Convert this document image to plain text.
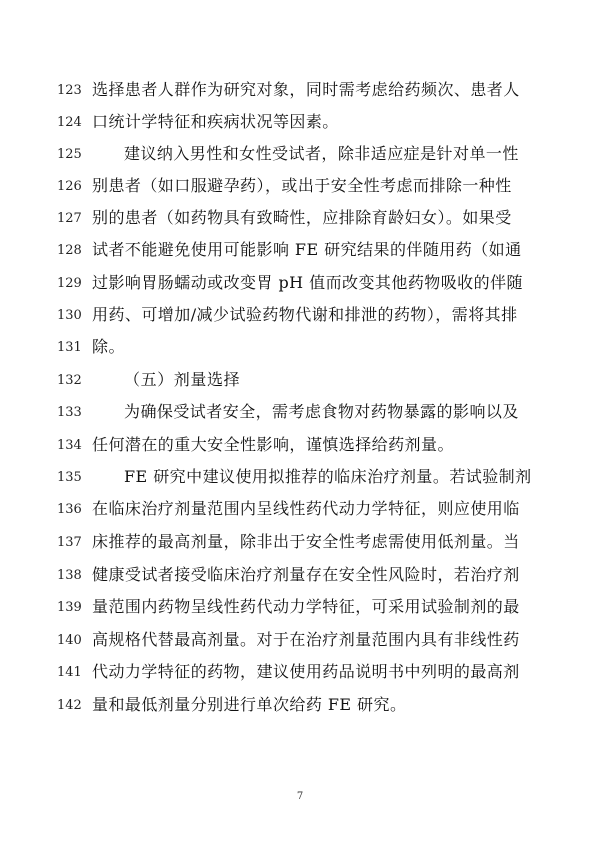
123 选择患者人群作为研究对象，同时需考虑给药频次、患者人
124 口统计学特征和疾病状况等因素。
125	建议纳入男性和女性受试者，除非适应症是针对单一性
126 别患者（如口服避孕药），或出于安全性考虑而排除一种性
127 别的患者（如药物具有致畸性，应排除育龄妇女）。如果受
128 试者不能避免使用可能影响 FE 研究结果的伴随用药（如通
129 过影响胃肠蠕动或改变胃 pH 值而改变其他药物吸收的伴随
130 用药、可增加/减少试验药物代谢和排泄的药物），需将其排
131 除。
132	（五）剂量选择
133	为确保受试者安全，需考虑食物对药物暴露的影响以及
134 任何潜在的重大安全性影响，谨慎选择给药剂量。
135	FE 研究中建议使用拟推荐的临床治疗剂量。若试验制剂
136 在临床治疗剂量范围内呈线性药代动力学特征，则应使用临
137 床推荐的最高剂量，除非出于安全性考虑需使用低剂量。当
138 健康受试者接受临床治疗剂量存在安全性风险时，若治疗剂
139 量范围内药物呈线性药代动力学特征，可采用试验制剂的最
140 高规格代替最高剂量。对于在治疗剂量范围内具有非线性药
141 代动力学特征的药物，建议使用药品说明书中列明的最高剂
142 量和最低剂量分别进行单次给药 FE 研究。
7
